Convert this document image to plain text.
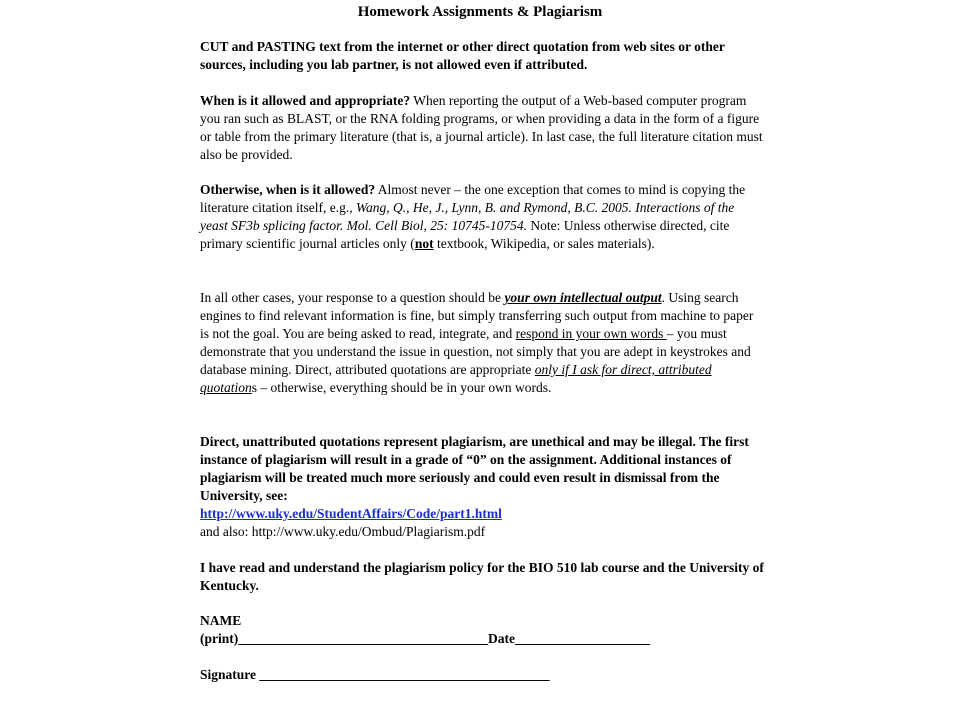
Homework Assignments & Plagiarism
CUT and PASTING text from the internet or other direct quotation from web sites or other sources, including you lab partner, is not allowed even if attributed.
When is it allowed and appropriate? When reporting the output of a Web-based computer program you ran such as BLAST, or the RNA folding programs, or when providing a data in the form of a figure or table from the primary literature (that is, a journal article). In last case, the full literature citation must also be provided.
Otherwise, when is it allowed? Almost never – the one exception that comes to mind is copying the literature citation itself, e.g., Wang, Q., He, J., Lynn, B. and Rymond, B.C. 2005. Interactions of the yeast SF3b splicing factor. Mol. Cell Biol, 25: 10745-10754. Note: Unless otherwise directed, cite primary scientific journal articles only (not textbook, Wikipedia, or sales materials).
In all other cases, your response to a question should be your own intellectual output. Using search engines to find relevant information is fine, but simply transferring such output from machine to paper is not the goal. You are being asked to read, integrate, and respond in your own words – you must demonstrate that you understand the issue in question, not simply that you are adept in keystrokes and database mining. Direct, attributed quotations are appropriate only if I ask for direct, attributed quotations – otherwise, everything should be in your own words.
Direct, unattributed quotations represent plagiarism, are unethical and may be illegal. The first instance of plagiarism will result in a grade of “0” on the assignment. Additional instances of plagiarism will be treated much more seriously and could even result in dismissal from the University, see:
http://www.uky.edu/StudentAffairs/Code/part1.html
and also: http://www.uky.edu/Ombud/Plagiarism.pdf
I have read and understand the plagiarism policy for the BIO 510 lab course and the University of Kentucky.
NAME
(print)_____________________________________Date____________________
Signature ___________________________________________
